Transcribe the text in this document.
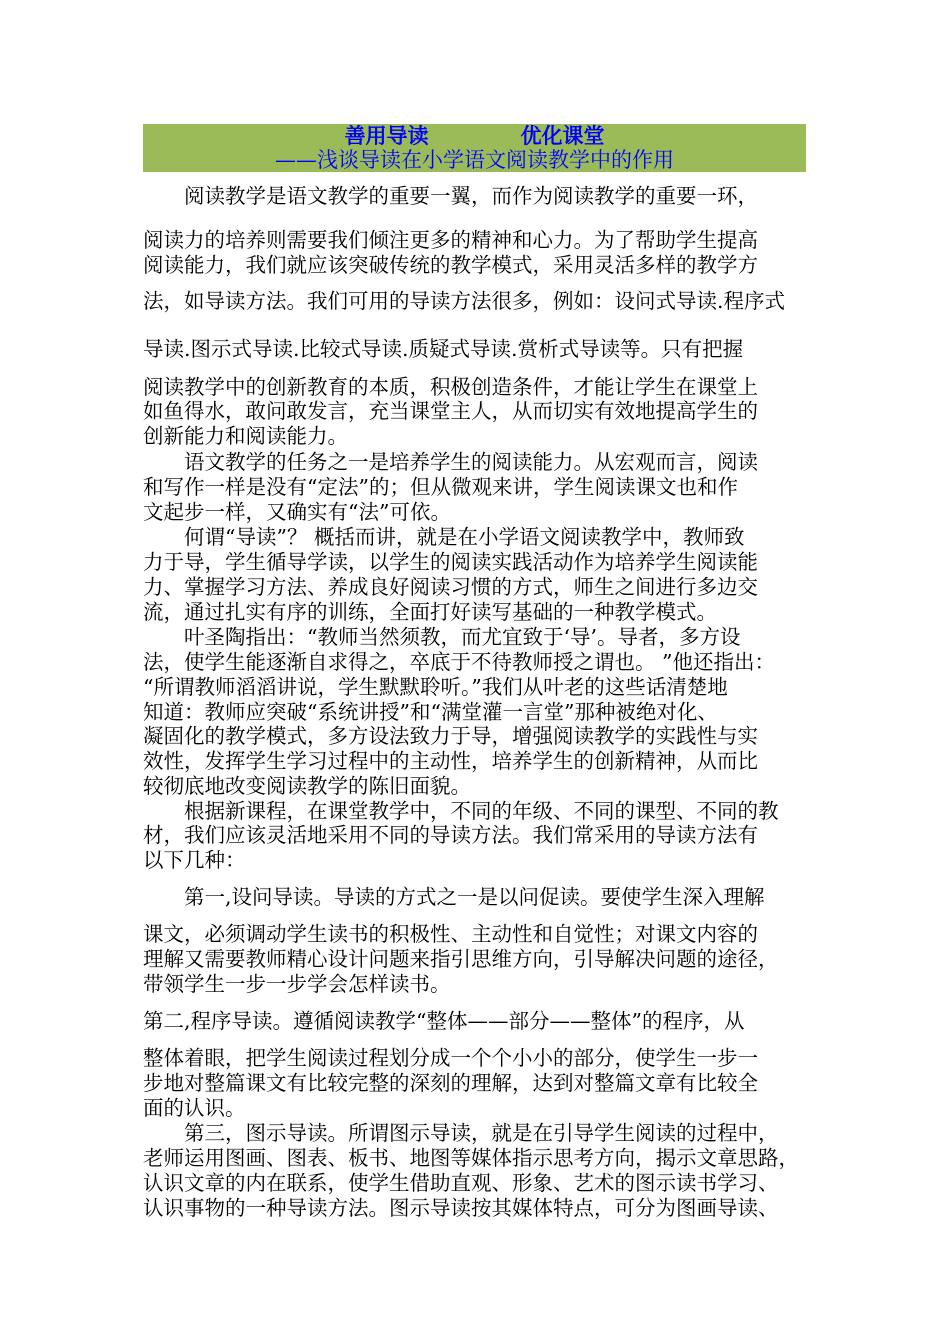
善用导读	优化课堂
——浅谈导读在小学语文阅读教学中的作用
　　阅读教学是语文教学的重要一翼，而作为阅读教学的重要一环，
阅读力的培养则需要我们倾注更多的精神和心力。为了帮助学生提高
阅读能力，我们就应该突破传统的教学模式，采用灵活多样的教学方
法，如导读方法。我们可用的导读方法很多，例如：设问式导读.程序式
导读.图示式导读.比较式导读.质疑式导读.赏析式导读等。只有把握
阅读教学中的创新教育的本质，积极创造条件，才能让学生在课堂上
如鱼得水，敢问敢发言，充当课堂主人，从而切实有效地提高学生的
创新能力和阅读能力。
　　语文教学的任务之一是培养学生的阅读能力。从宏观而言，阅读
和写作一样是没有“定法”的；但从微观来讲，学生阅读课文也和作
文起步一样，又确实有“法”可依。
　　何谓“导读”？ 概括而讲，就是在小学语文阅读教学中，教师致
力于导，学生循导学读，以学生的阅读实践活动作为培养学生阅读能
力、掌握学习方法、养成良好阅读习惯的方式，师生之间进行多边交
流，通过扎实有序的训练，全面打好读写基础的一种教学模式。
　　叶圣陶指出：“教师当然须教，而尤宜致于‘导’。导者，多方设
法，使学生能逐渐自求得之，卒底于不待教师授之谓也。 ”他还指出：
“所谓教师滔滔讲说，学生默默聆听。”我们从叶老的这些话清楚地
知道：教师应突破“系统讲授”和“满堂灌一言堂”那种被绝对化、
凝固化的教学模式，多方设法致力于导，增强阅读教学的实践性与实
效性，发挥学生学习过程中的主动性，培养学生的创新精神，从而比
较彻底地改变阅读教学的陈旧面貌。
　　根据新课程，在课堂教学中，不同的年级、不同的课型、不同的教
材，我们应该灵活地采用不同的导读方法。我们常采用的导读方法有
以下几种：
　　第一,设问导读。导读的方式之一是以问促读。要使学生深入理解
课文，必须调动学生读书的积极性、主动性和自觉性；对课文内容的
理解又需要教师精心设计问题来指引思维方向，引导解决问题的途径，
带领学生一步一步学会怎样读书。
第二,程序导读。遵循阅读教学“整体——部分——整体”的程序，从
整体着眼，把学生阅读过程划分成一个个小小的部分，使学生一步一
步地对整篇课文有比较完整的深刻的理解，达到对整篇文章有比较全
面的认识。
　　第三，图示导读。所谓图示导读，就是在引导学生阅读的过程中，
老师运用图画、图表、板书、地图等媒体指示思考方向，揭示文章思路，
认识文章的内在联系，使学生借助直观、形象、艺术的图示读书学习、
认识事物的一种导读方法。图示导读按其媒体特点，可分为图画导读、
